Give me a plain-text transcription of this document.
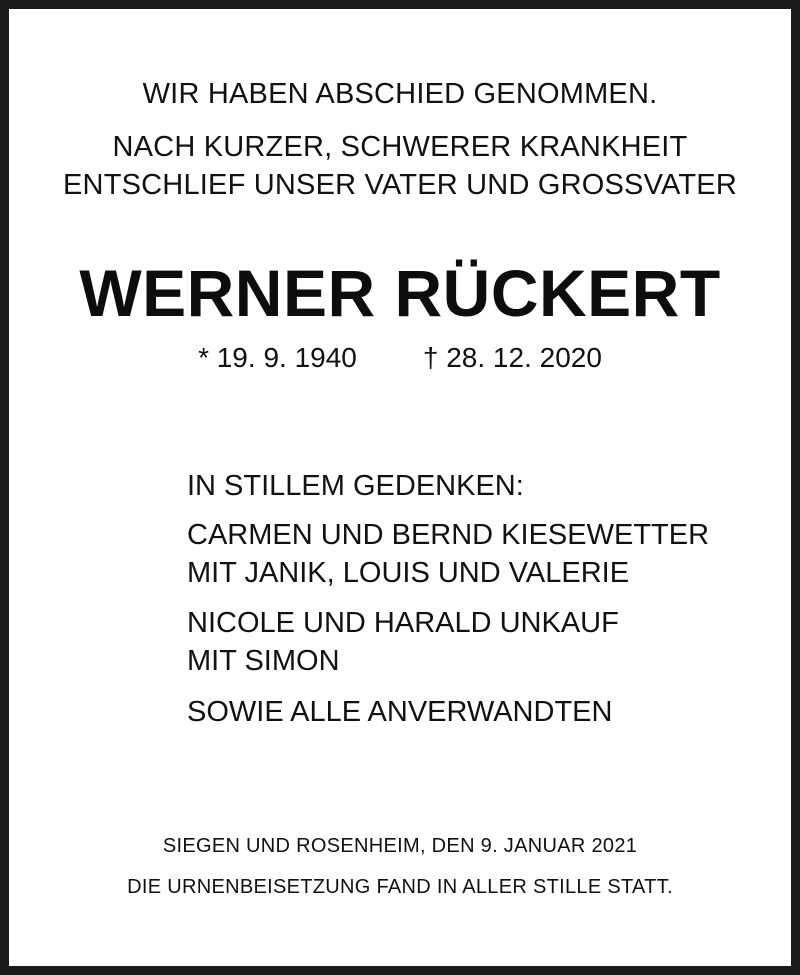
WIR HABEN ABSCHIED GENOMMEN.

NACH KURZER, SCHWERER KRANKHEIT

ENTSCHLIEF UNSER VATER UND GROSSVATER

WERNER RÜCKERT

* 19. 9. 1940 † 28. 12. 2020

IN STILLEM GEDENKEN:

CARMEN UND BERND KIESEWETTER

MIT JANIK, LOUIS UND VALERIE

NICOLE UND HARALD UNKAUF

MIT SIMON

SOWIE ALLE ANVERWANDTEN

SIEGEN UND ROSENHEIM, DEN 9. JANUAR 2021

DIE URNENBEISETZUNG FAND IN ALLER STILLE STATT.
